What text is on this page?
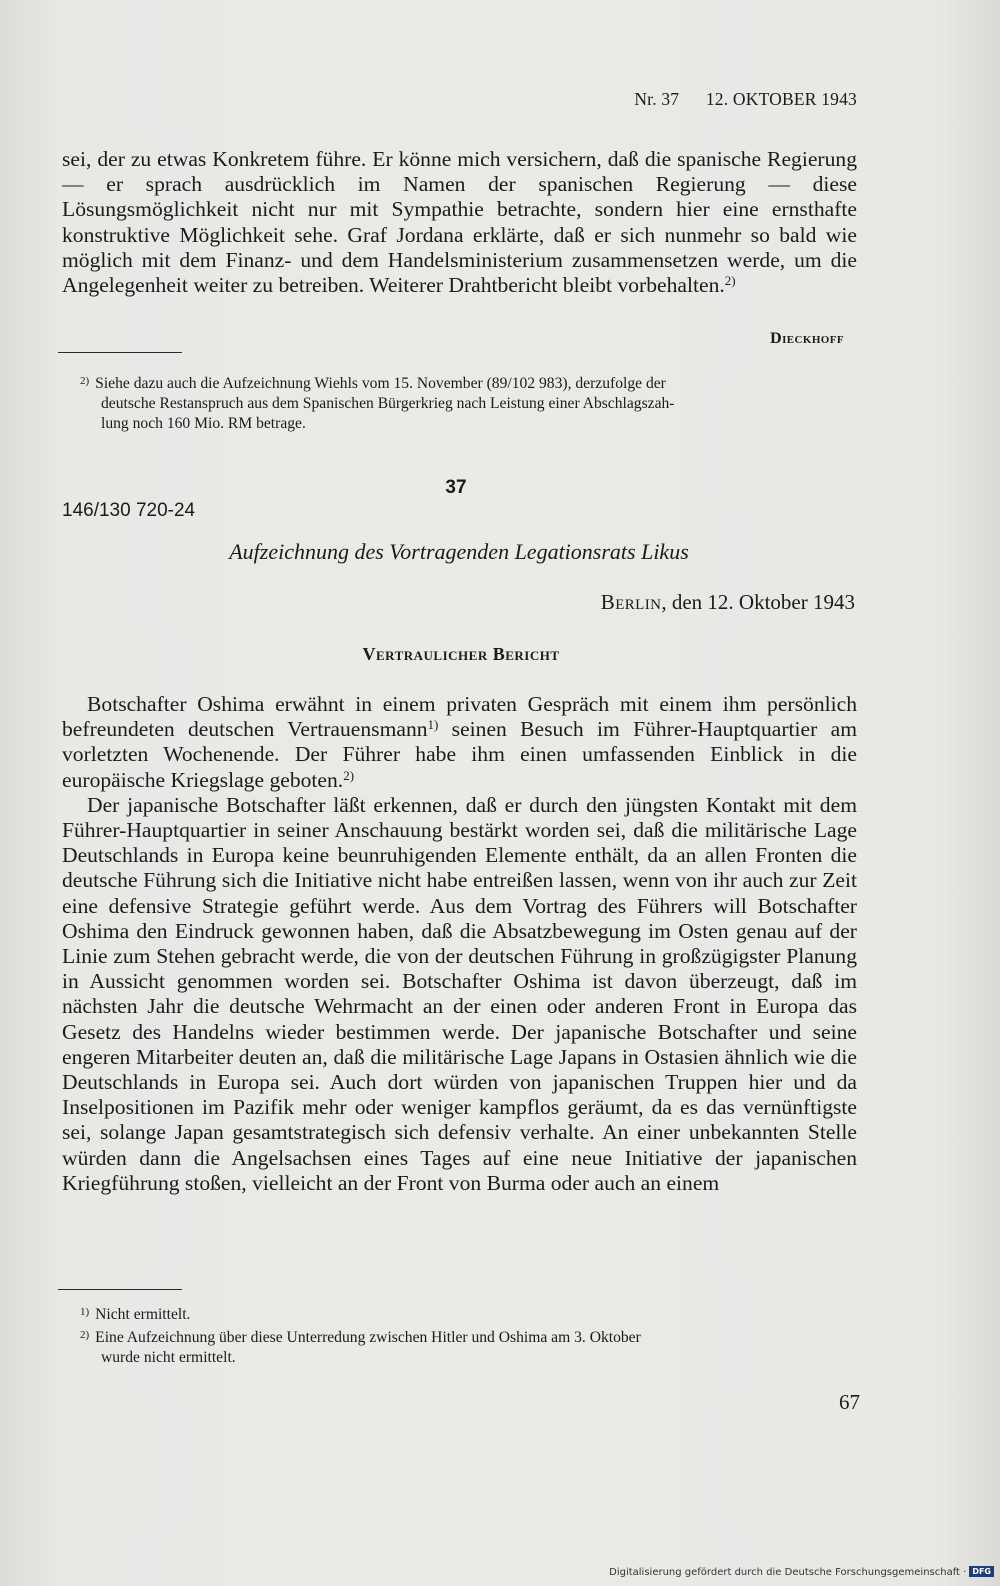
Nr. 37 12. OKTOBER 1943

sei, der zu etwas Konkretem führe. Er könne mich versichern, daß die spanische Regierung — er sprach ausdrücklich im Namen der spanischen Regierung — diese Lösungsmöglichkeit nicht nur mit Sympathie betrachte, sondern hier eine ernsthafte konstruktive Möglichkeit sehe. Graf Jordana erklärte, daß er sich nunmehr so bald wie möglich mit dem Finanz- und dem Handelsministerium zusammensetzen werde, um die Angelegenheit weiter zu betreiben. Weiterer Drahtbericht bleibt vorbehalten.$^{2)}$

Dieckhoff
$^{2)}$ Siehe dazu auch die Aufzeichnung Wiehls vom 15. November (89/102 983), derzufolge der
deutsche Restanspruch aus dem Spanischen Bürgerkrieg nach Leistung einer Abschlagszah-
lung noch 160 Mio. RM betrage.
37
146/130 720-24
Aufzeichnung des Vortragenden Legationsrats Likus
Berlin, den 12. Oktober 1943
Vertraulicher Bericht

Botschafter Oshima erwähnt in einem privaten Gespräch mit einem ihm persönlich befreundeten deutschen Vertrauensmann$^{1)}$ seinen Besuch im Führer-Hauptquartier am vorletzten Wochenende. Der Führer habe ihm einen umfassenden Einblick in die europäische Kriegslage geboten.$^{2)}$

Der japanische Botschafter läßt erkennen, daß er durch den jüngsten Kontakt mit dem Führer-Hauptquartier in seiner Anschauung bestärkt worden sei, daß die militärische Lage Deutschlands in Europa keine beunruhigenden Elemente enthält, da an allen Fronten die deutsche Führung sich die Initiative nicht habe entreißen lassen, wenn von ihr auch zur Zeit eine defensive Strategie geführt werde. Aus dem Vortrag des Führers will Botschafter Oshima den Eindruck gewonnen haben, daß die Absatzbewegung im Osten genau auf der Linie zum Stehen gebracht werde, die von der deutschen Führung in großzügigster Planung in Aussicht genommen worden sei. Botschafter Oshima ist davon überzeugt, daß im nächsten Jahr die deutsche Wehrmacht an der einen oder anderen Front in Europa das Gesetz des Handelns wieder bestimmen werde. Der japanische Botschafter und seine engeren Mitarbeiter deuten an, daß die militärische Lage Japans in Ostasien ähnlich wie die Deutschlands in Europa sei. Auch dort würden von japanischen Truppen hier und da Inselpositionen im Pazifik mehr oder weniger kampflos geräumt, da es das vernünftigste sei, solange Japan gesamtstrategisch sich defensiv verhalte. An einer unbekannten Stelle würden dann die Angelsachsen eines Tages auf eine neue Initiative der japanischen Kriegführung stoßen, vielleicht an der Front von Burma oder auch an einem

$^{1)}$ Nicht ermittelt.
$^{2)}$ Eine Aufzeichnung über diese Unterredung zwischen Hitler und Oshima am 3. Oktober
wurde nicht ermittelt.
67
Digitalisierung gefördert durch die Deutsche Forschungsgemeinschaft · DFG
